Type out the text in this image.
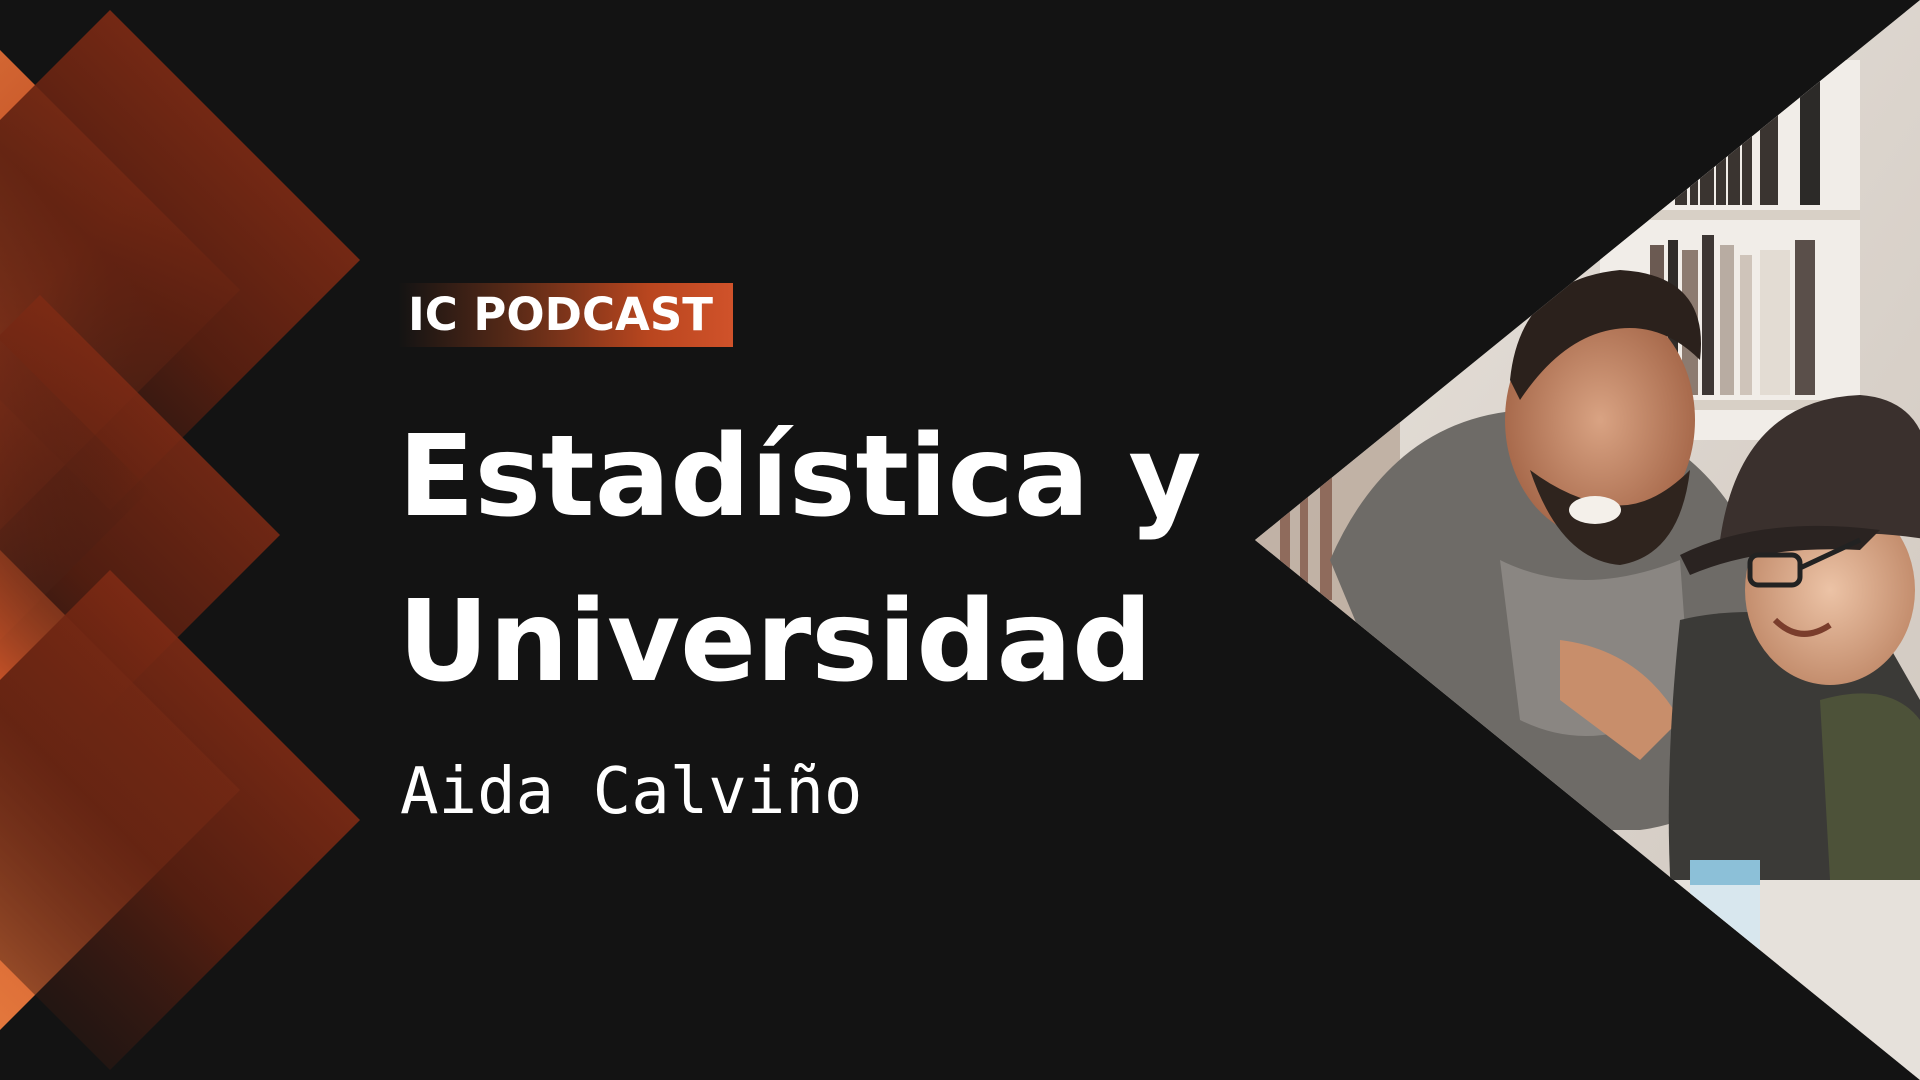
IC PODCAST
Estadística y
Universidad
Aida Calviño
